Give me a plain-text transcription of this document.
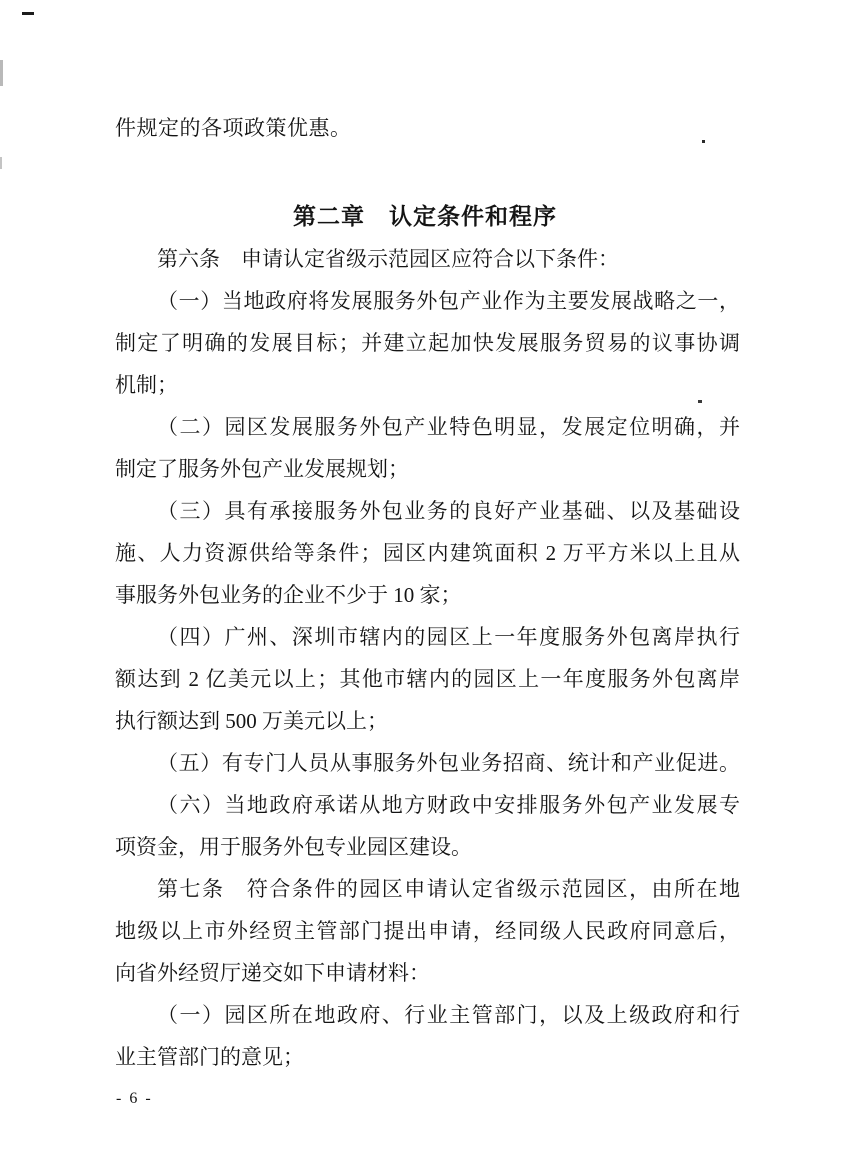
件规定的各项政策优惠。
第二章　认定条件和程序
第六条　申请认定省级示范园区应符合以下条件：
（一）当地政府将发展服务外包产业作为主要发展战略之一，
制定了明确的发展目标；并建立起加快发展服务贸易的议事协调
机制；
（二）园区发展服务外包产业特色明显，发展定位明确，并
制定了服务外包产业发展规划；
（三）具有承接服务外包业务的良好产业基础、以及基础设
施、人力资源供给等条件；园区内建筑面积 2 万平方米以上且从
事服务外包业务的企业不少于 10 家；
（四）广州、深圳市辖内的园区上一年度服务外包离岸执行
额达到 2 亿美元以上；其他市辖内的园区上一年度服务外包离岸
执行额达到 500 万美元以上；
（五）有专门人员从事服务外包业务招商、统计和产业促进。
（六）当地政府承诺从地方财政中安排服务外包产业发展专
项资金，用于服务外包专业园区建设。
第七条　符合条件的园区申请认定省级示范园区，由所在地
地级以上市外经贸主管部门提出申请，经同级人民政府同意后，
向省外经贸厅递交如下申请材料：
（一）园区所在地政府、行业主管部门，以及上级政府和行
业主管部门的意见；
- 6 -
